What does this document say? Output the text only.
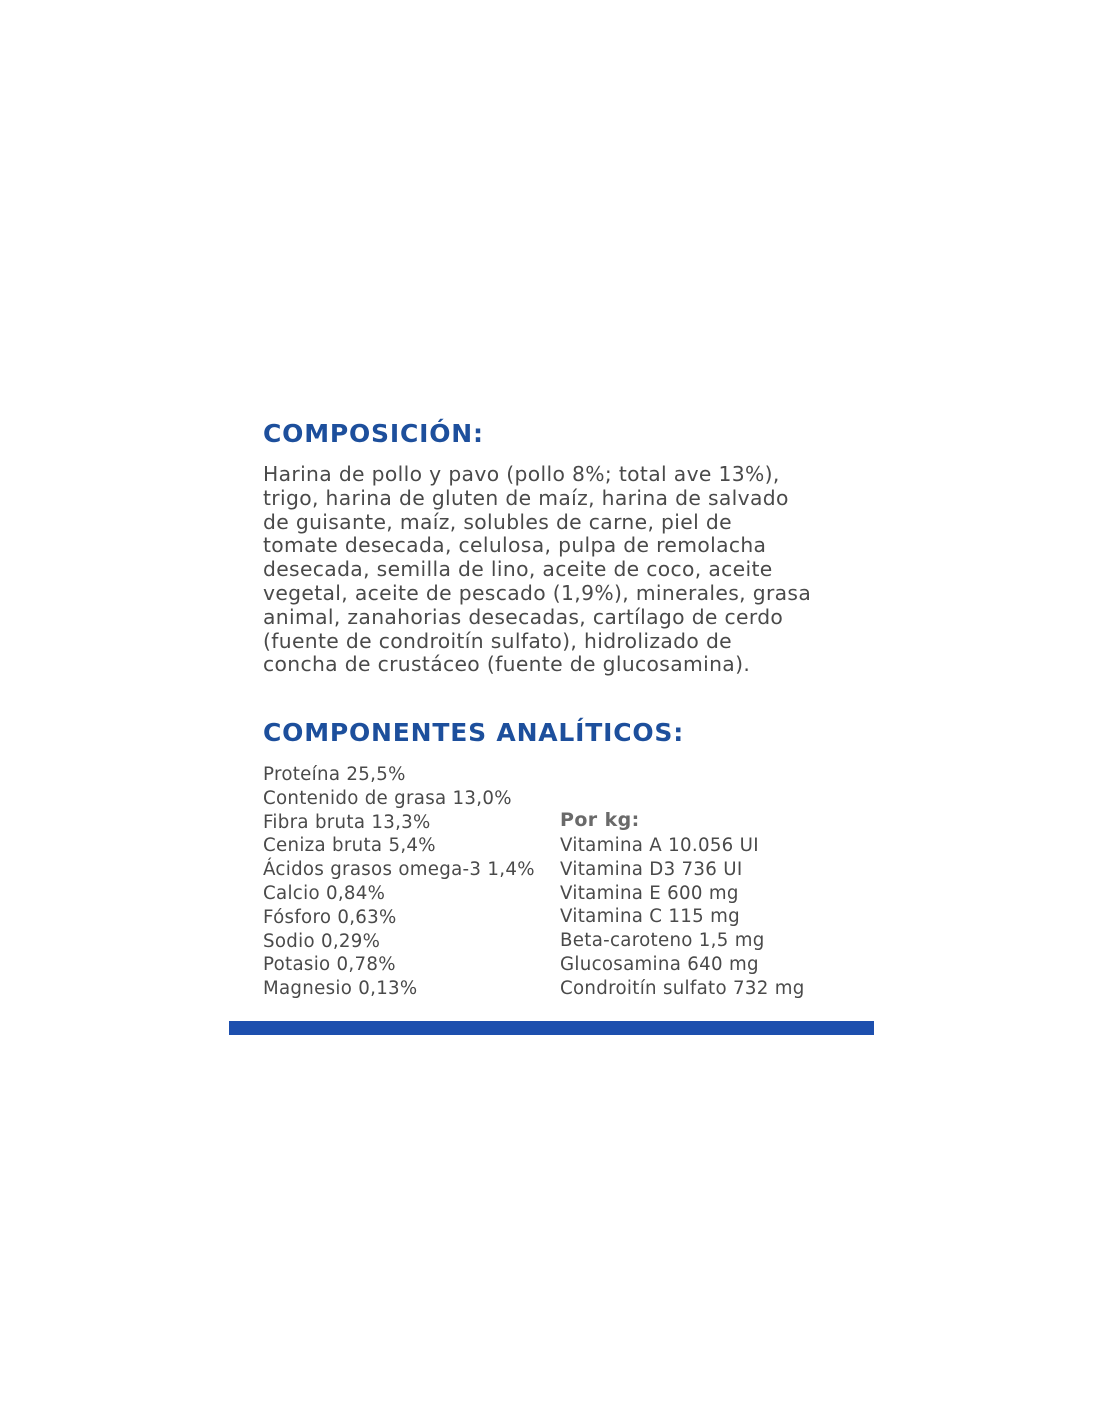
COMPOSICIÓN:

Harina de pollo y pavo (pollo 8%; total ave 13%),
trigo, harina de gluten de maíz, harina de salvado
de guisante, maíz, solubles de carne, piel de
tomate desecada, celulosa, pulpa de remolacha
desecada, semilla de lino, aceite de coco, aceite
vegetal, aceite de pescado (1,9%), minerales, grasa
animal, zanahorias desecadas, cartílago de cerdo
(fuente de condroitín sulfato), hidrolizado de
concha de crustáceo (fuente de glucosamina).

COMPONENTES ANALÍTICOS:
Proteína 25,5%
Contenido de grasa 13,0%
Fibra bruta 13,3%
Ceniza bruta 5,4%
Ácidos grasos omega-3 1,4%
Calcio 0,84%
Fósforo 0,63%
Sodio 0,29%
Potasio 0,78%
Magnesio 0,13%
Por kg:
Vitamina A 10.056 UI
Vitamina D3 736 UI
Vitamina E 600 mg
Vitamina C 115 mg
Beta-caroteno 1,5 mg
Glucosamina 640 mg
Condroitín sulfato 732 mg
